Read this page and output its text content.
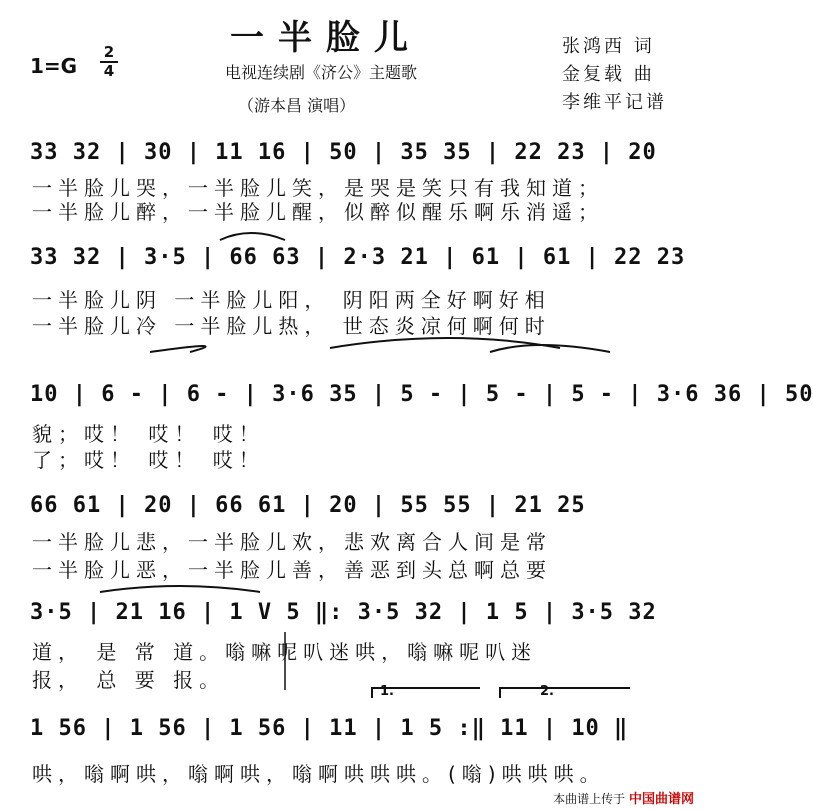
一半脸儿
1=G
2
4	电视连续剧《济公》主题歌
（游本昌 演唱）
张鸿西 词
金复载 曲
李维平记谱
33 32 | 30 | 11 16 | 50 | 35 35 | 22 23 | 20
一半脸儿哭，一半脸儿笑，是哭是笑只有我知道；
一半脸儿醉，一半脸儿醒，似醉似醒乐啊乐消遥；
33 32 | 3·5 | 66 63 | 2·3 21 | 61 | 61 | 22 23
一半脸儿阴 一半脸儿阳， 阴阳两全好啊好相
一半脸儿冷 一半脸儿热， 世态炎凉何啊何时
10 | 6 - | 6 - | 3·6 35 | 5 - | 5 - | 5 - | 3·6 36 | 50
貌；哎！ 哎！ 哎！
了；哎！ 哎！ 哎！
66 61 | 20 | 66 61 | 20 | 55 55 | 21 25
一半脸儿悲，一半脸儿欢，悲欢离合人间是常
一半脸儿恶，一半脸儿善，善恶到头总啊总要
3·5 | 21 16 | 1 V 5 ‖: 3·5 32 | 1 5 | 3·5 32
道， 是 常 道。嗡嘛呢叭迷哄，嗡嘛呢叭迷
报， 总 要 报。	1.	2.
1 56 | 1 56 | 1 56 | 11 | 1 5 :‖ 11 | 10 ‖
哄，嗡啊哄，嗡啊哄，嗡啊哄哄哄。(嗡)哄哄哄。
本曲谱上传于 中国曲谱网
